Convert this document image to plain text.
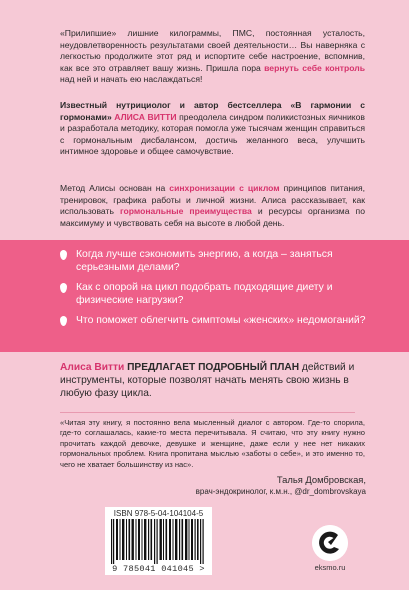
«Прилипшие» лишние килограммы, ПМС, постоянная усталость, неудовлетворенность результатами своей деятельности… Вы наверняка с легкостью продолжите этот ряд и испортите себе настроение, вспомнив, как все это отравляет вашу жизнь. Пришла пора вернуть себе контроль над ней и начать ею наслаждаться!

Известный нутрициолог и автор бестселлера «В гармонии с гормонами» АЛИСА ВИТТИ преодолела синдром поликистозных яичников и разработала методику, которая помогла уже тысячам женщин справиться с гормональным дисбалансом, достичь желанного веса, улучшить интимное здоровье и общее самочувствие.

Метод Алисы основан на синхронизации с циклом принципов питания, тренировок, графика работы и личной жизни. Алиса рассказывает, как использовать гормональные преимущества и ресурсы организма по максимуму и чувствовать себя на высоте в любой день.

Когда лучше сэкономить энергию, а когда – заняться серьезными делами?

Как с опорой на цикл подобрать подходящие диету и физические нагрузки?

Что поможет облегчить симптомы «женских» недомоганий?

Алиса Витти ПРЕДЛАГАЕТ ПОДРОБНЫЙ ПЛАН действий и инструменты, которые позволят начать менять свою жизнь в любую фазу цикла.

«Читая эту книгу, я постоянно вела мысленный диалог с автором. Где-то спорила, где-то соглашалась, какие-то места перечитывала. Я считаю, что эту книгу нужно прочитать каждой девочке, девушке и женщине, даже если у нее нет никаких гормональных проблем. Книга пропитана мыслью «заботы о себе», и это именно то, чего не хватает большинству из нас».

Талья Домбровская,

врач-эндокринолог, к.м.н., @dr_dombrovskaya

ISBN 978-5-04-104104-5
9 785041 041045 >	eksmo.ru
